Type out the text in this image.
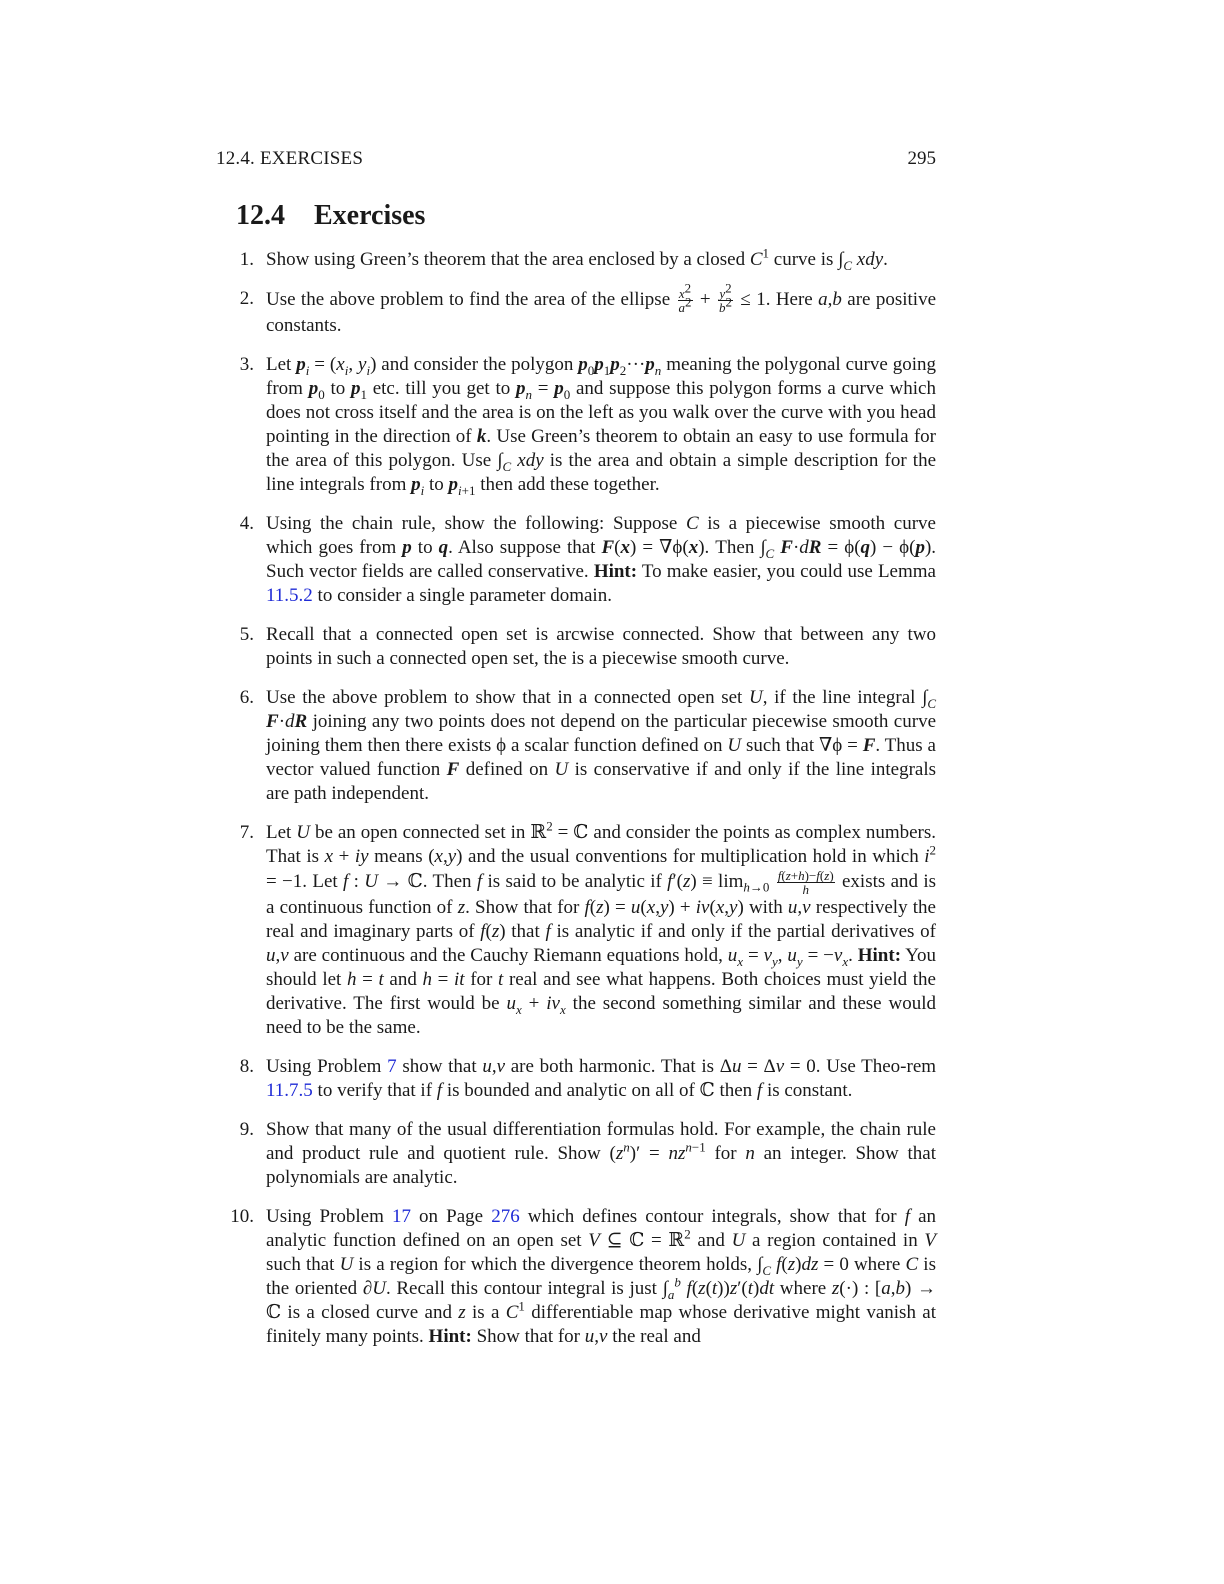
12.4. EXERCISES	295
12.4 Exercises
1. Show using Green’s theorem that the area enclosed by a closed $C^1$ curve is $\int_C$ xdy.
2. Use the above problem to find the area of the ellipse $\frac{x^2}{a^2} + \frac{y^2}{b^2} \le 1$. Here a,b are positive constants.
3. Let $p_i = (x_i$, $y_i$) and consider the polygon $p_0p_1p_2\cdot\cdot\cdot p_n$ meaning the polygonal curve going from $p_0$ to $p_1$ etc. till you get to $p_n = p_0$ and suppose this polygon forms a curve which does not cross itself and the area is on the left as you walk over the curve with you head pointing in the direction of k. Use Green’s theorem to obtain an easy to use formula for the area of this polygon. Use $\int_C$ xdy is the area and obtain a simple description for the line integrals from $p_i$ to $p_{i+1}$ then add these together.
4. Using the chain rule, show the following: Suppose C is a piecewise smooth curve which goes from p to q. Also suppose that F(x) = ∇ϕ(x). Then $\int_C$ F·dR = ϕ(q) − ϕ(p). Such vector fields are called conservative. Hint: To make easier, you could use Lemma 11.5.2 to consider a single parameter domain.
5. Recall that a connected open set is arcwise connected. Show that between any two points in such a connected open set, the is a piecewise smooth curve.
6. Use the above problem to show that in a connected open set U, if the line integral $\int_C$ F·dR joining any two points does not depend on the particular piecewise smooth curve joining them then there exists ϕ a scalar function defined on U such that ∇ϕ = F. Thus a vector valued function F defined on U is conservative if and only if the line integrals are path independent.
7. Let U be an open connected set in ℝ$^2$ = ℂ and consider the points as complex numbers. That is x + iy means (x,y) and the usual conventions for multiplication hold in which $i^2 = -1$. Let f : U → ℂ. Then f is said to be analytic if $f'(z) \equiv \lim_{h\to 0} \frac{f(z+h)-f(z)}{h}$ exists and is a continuous function of z. Show that for f(z) = u(x,y) + iv(x,y) with u,v respectively the real and imaginary parts of f(z) that f is analytic if and only if the partial derivatives of u,v are continuous and the Cauchy Riemann equations hold, $u_x = v_y$, $u_y = -v_x$. Hint: You should let h = t and h = it for t real and see what happens. Both choices must yield the derivative. The first would be $u_x + iv_x$ the second something similar and these would need to be the same.
8. Using Problem 7 show that u,v are both harmonic. That is Δu = Δv = 0. Use Theo-rem 11.7.5 to verify that if f is bounded and analytic on all of ℂ then f is constant.
9. Show that many of the usual differentiation formulas hold. For example, the chain rule and product rule and quotient rule. Show $(z^n)' = nz^{n-1}$ for n an integer. Show that polynomials are analytic.
10. Using Problem 17 on Page 276 which defines contour integrals, show that for f an analytic function defined on an open set V ⊆ ℂ = ℝ$^2$ and U a region contained in V such that U is a region for which the divergence theorem holds, $\int_C$ f(z)dz = 0 where C is the oriented ∂U. Recall this contour integral is just $\int_a^b$ f(z(t))z′(t)dt where z(·) : [a,b) → ℂ is a closed curve and z is a $C^1$ differentiable map whose derivative might vanish at finitely many points. Hint: Show that for u,v the real and
